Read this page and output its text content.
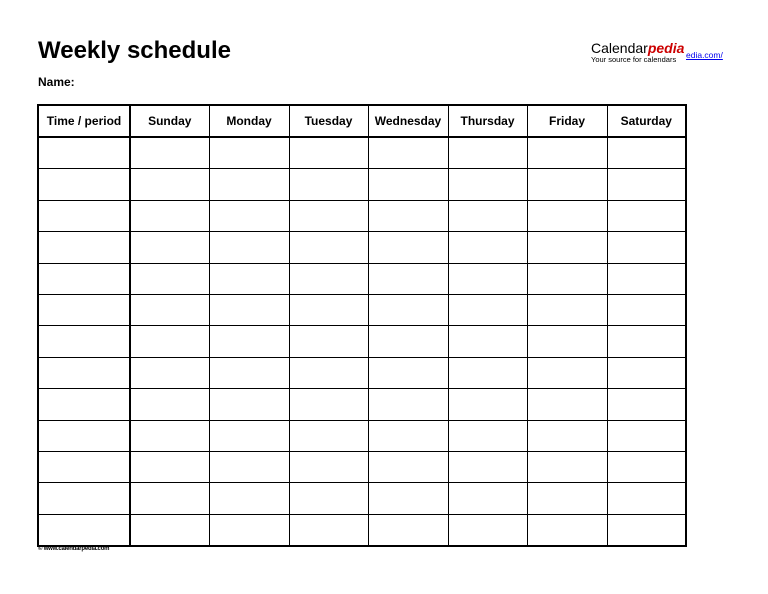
Weekly schedule
Name:
Calendarpedia
Your source for calendars edia.com/
Time / period	Sunday	Monday	Tuesday	Wednesday	Thursday	Friday	Saturday

© www.calendarpedia.com
